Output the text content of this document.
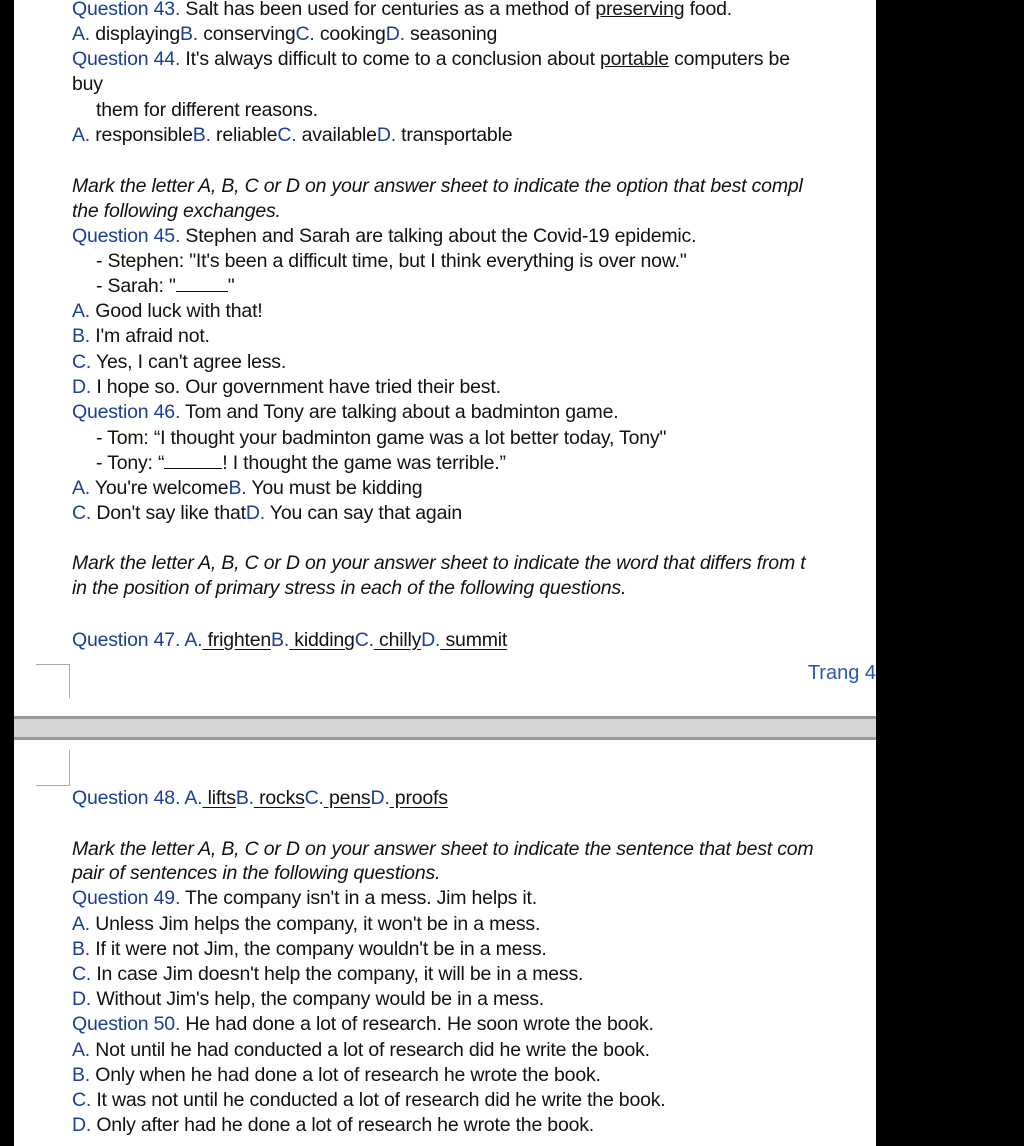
Question 43. Salt has been used for centuries as a method of preserving food.
A. displayingB. conservingC. cookingD. seasoning
Question 44. It's always difficult to come to a conclusion about portable computers be
buy
them for different reasons.
A. responsibleB. reliableC. availableD. transportable
Mark the letter A, B, C or D on your answer sheet to indicate the option that best compl
the following exchanges.
Question 45. Stephen and Sarah are talking about the Covid-19 epidemic.
- Stephen: "It's been a difficult time, but I think everything is over now."
- Sarah: "	"
A. Good luck with that!
B. I'm afraid not.
C. Yes, I can't agree less.
D. I hope so. Our government have tried their best.
Question 46. Tom and Tony are talking about a badminton game.
- Tom: “I thought your badminton game was a lot better today, Tony"
- Tony: “	! I thought the game was terrible.”
A. You're welcomeB. You must be kidding
C. Don't say like thatD. You can say that again
Mark the letter A, B, C or D on your answer sheet to indicate the word that differs from t
in the position of primary stress in each of the following questions.
Question 47. A. frightenB. kiddingC. chillyD. summit
Trang 4
Question 48. A. liftsB. rocksC. pensD. proofs
Mark the letter A, B, C or D on your answer sheet to indicate the sentence that best com
pair of sentences in the following questions.
Question 49. The company isn't in a mess. Jim helps it.
A. Unless Jim helps the company, it won't be in a mess.
B. If it were not Jim, the company wouldn't be in a mess.
C. In case Jim doesn't help the company, it will be in a mess.
D. Without Jim's help, the company would be in a mess.
Question 50. He had done a lot of research. He soon wrote the book.
A. Not until he had conducted a lot of research did he write the book.
B. Only when he had done a lot of research he wrote the book.
C. It was not until he conducted a lot of research did he write the book.
D. Only after had he done a lot of research he wrote the book.
